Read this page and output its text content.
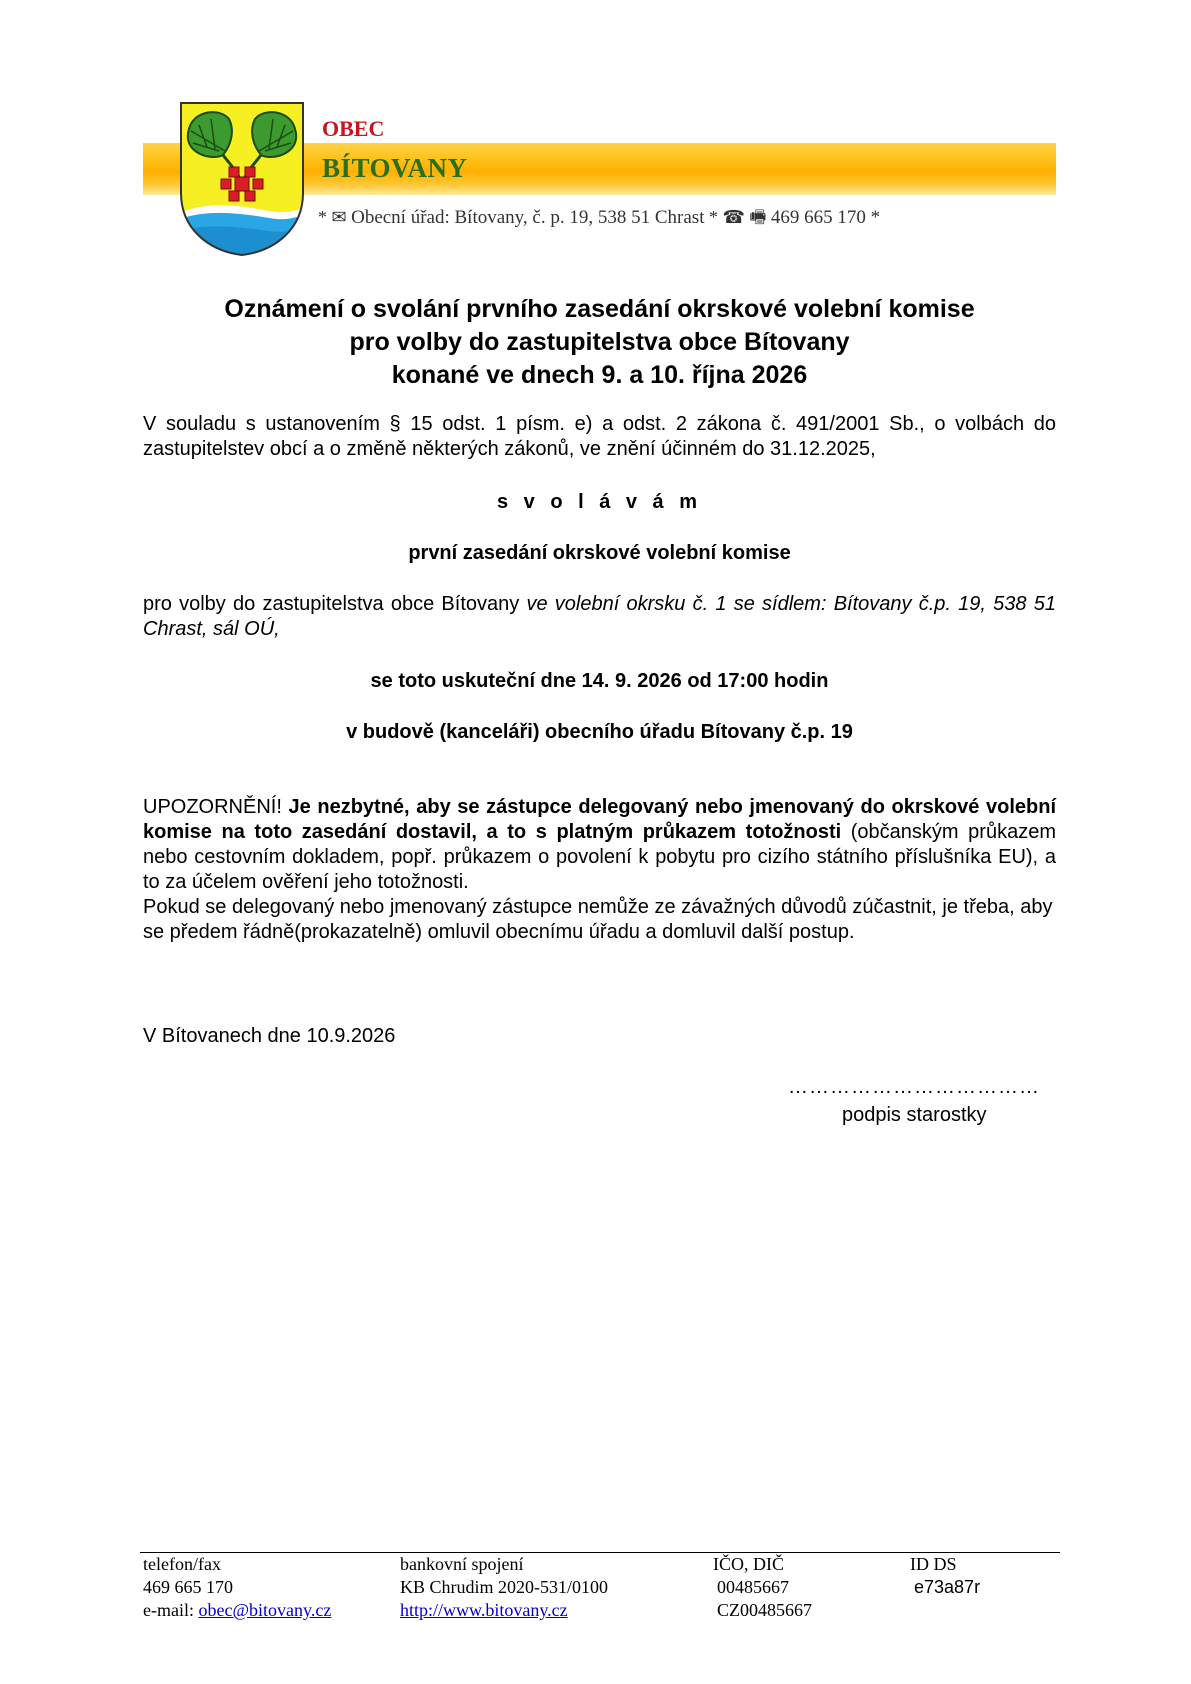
OBEC
BÍTOVANY
* ✉ Obecní úřad: Bítovany, č. p. 19, 538 51 Chrast * ☎ 🖷 469 665 170 *
Oznámení o svolání prvního zasedání okrskové volební komise
pro volby do zastupitelstva obce Bítovany
konané ve dnech 9. a 10. října 2026
V souladu s ustanovením § 15 odst. 1 písm. e) a odst. 2 zákona č. 491/2001 Sb., o volbách do zastupitelstev obcí a o změně některých zákonů, ve znění účinném do 31.12.2025,
s v o l á v á m
první zasedání okrskové volební komise
pro volby do zastupitelstva obce Bítovany ve volební okrsku č. 1 se sídlem: Bítovany č.p. 19, 538 51 Chrast, sál OÚ,
se toto uskuteční dne 14. 9. 2026 od 17:00 hodin
v budově (kanceláři) obecního úřadu Bítovany č.p. 19
UPOZORNĚNÍ! Je nezbytné, aby se zástupce delegovaný nebo jmenovaný do okrskové volební komise na toto zasedání dostavil, a to s platným průkazem totožnosti (občanským průkazem nebo cestovním dokladem, popř. průkazem o povolení k pobytu pro cizího státního příslušníka EU), a to za účelem ověření jeho totožnosti.
Pokud se delegovaný nebo jmenovaný zástupce nemůže ze závažných důvodů zúčastnit, je třeba, aby se předem řádně(prokazatelně) omluvil obecnímu úřadu a domluvil další postup.
V Bítovanech dne 10.9.2026
………………………………
podpis starostky
telefon/fax
469 665 170
e-mail: obec@bitovany.cz
bankovní spojení
KB Chrudim 2020-531/0100
http://www.bitovany.cz
IČO, DIČ
00485667
CZ00485667
ID DS
e73a87r
